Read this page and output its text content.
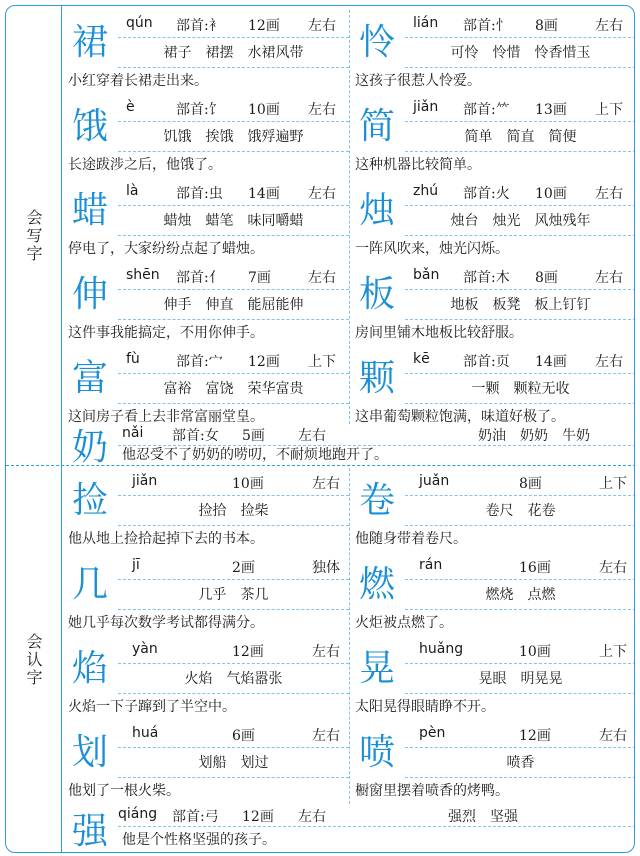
会写字
会认字
裙	qún 部首:衤 12画 左右
裙子　裙摆　水裙风带
小红穿着长裙走出来。
怜	lián 部首:忄 8画	左右
可怜　怜惜　怜香惜玉
这孩子很惹人怜爱。
饿	è	部首:饣 10画 左右
饥饿　挨饿　饿殍遍野
长途跋涉之后，他饿了。
简	jiǎn 部首:⺮ 13画 上下
简单　简直　简便
这种机器比较简单。
蜡	là	部首:虫 14画 左右
蜡烛　蜡笔　味同嚼蜡
停电了，大家纷纷点起了蜡烛。
烛	zhú 部首:火 10画 左右
烛台　烛光　风烛残年
一阵风吹来，烛光闪烁。
伸	shēn 部首:亻 7画	左右
伸手　伸直　能屈能伸
这件事我能搞定，不用你伸手。
板	bǎn 部首:木 8画	左右
地板　板凳　板上钉钉
房间里铺木地板比较舒服。
富	fù	部首:宀 12画 上下
富裕　富饶　荣华富贵
这间房子看上去非常富丽堂皇。
颗	kē 部首:页 14画 左右
一颗　颗粒无收
这串葡萄颗粒饱满，味道好极了。
奶	nǎi 部首:女 5画 左右	奶油　奶奶　牛奶
他忍受不了奶奶的唠叨，不耐烦地跑开了。
捡	jiǎn	10画	左右
捡拾　捡柴
他从地上捡拾起掉下去的书本。
卷	juǎn	8画	上下
卷尺　花卷
他随身带着卷尺。
几	jī	2画	独体
几乎　茶几
她几乎每次数学考试都得满分。
燃	rán	16画	左右
燃烧　点燃
火炬被点燃了。
焰	yàn	12画	左右
火焰　气焰嚣张
火焰一下子蹿到了半空中。
晃	huǎng	10画	上下
晃眼　明晃晃
太阳晃得眼睛睁不开。
划	huá	6画	左右
划船　划过
他划了一根火柴。
喷	pèn	12画	左右
喷香
橱窗里摆着喷香的烤鸭。
强 qiáng 部首:弓 12画 左右	强烈　坚强
他是个性格坚强的孩子。
